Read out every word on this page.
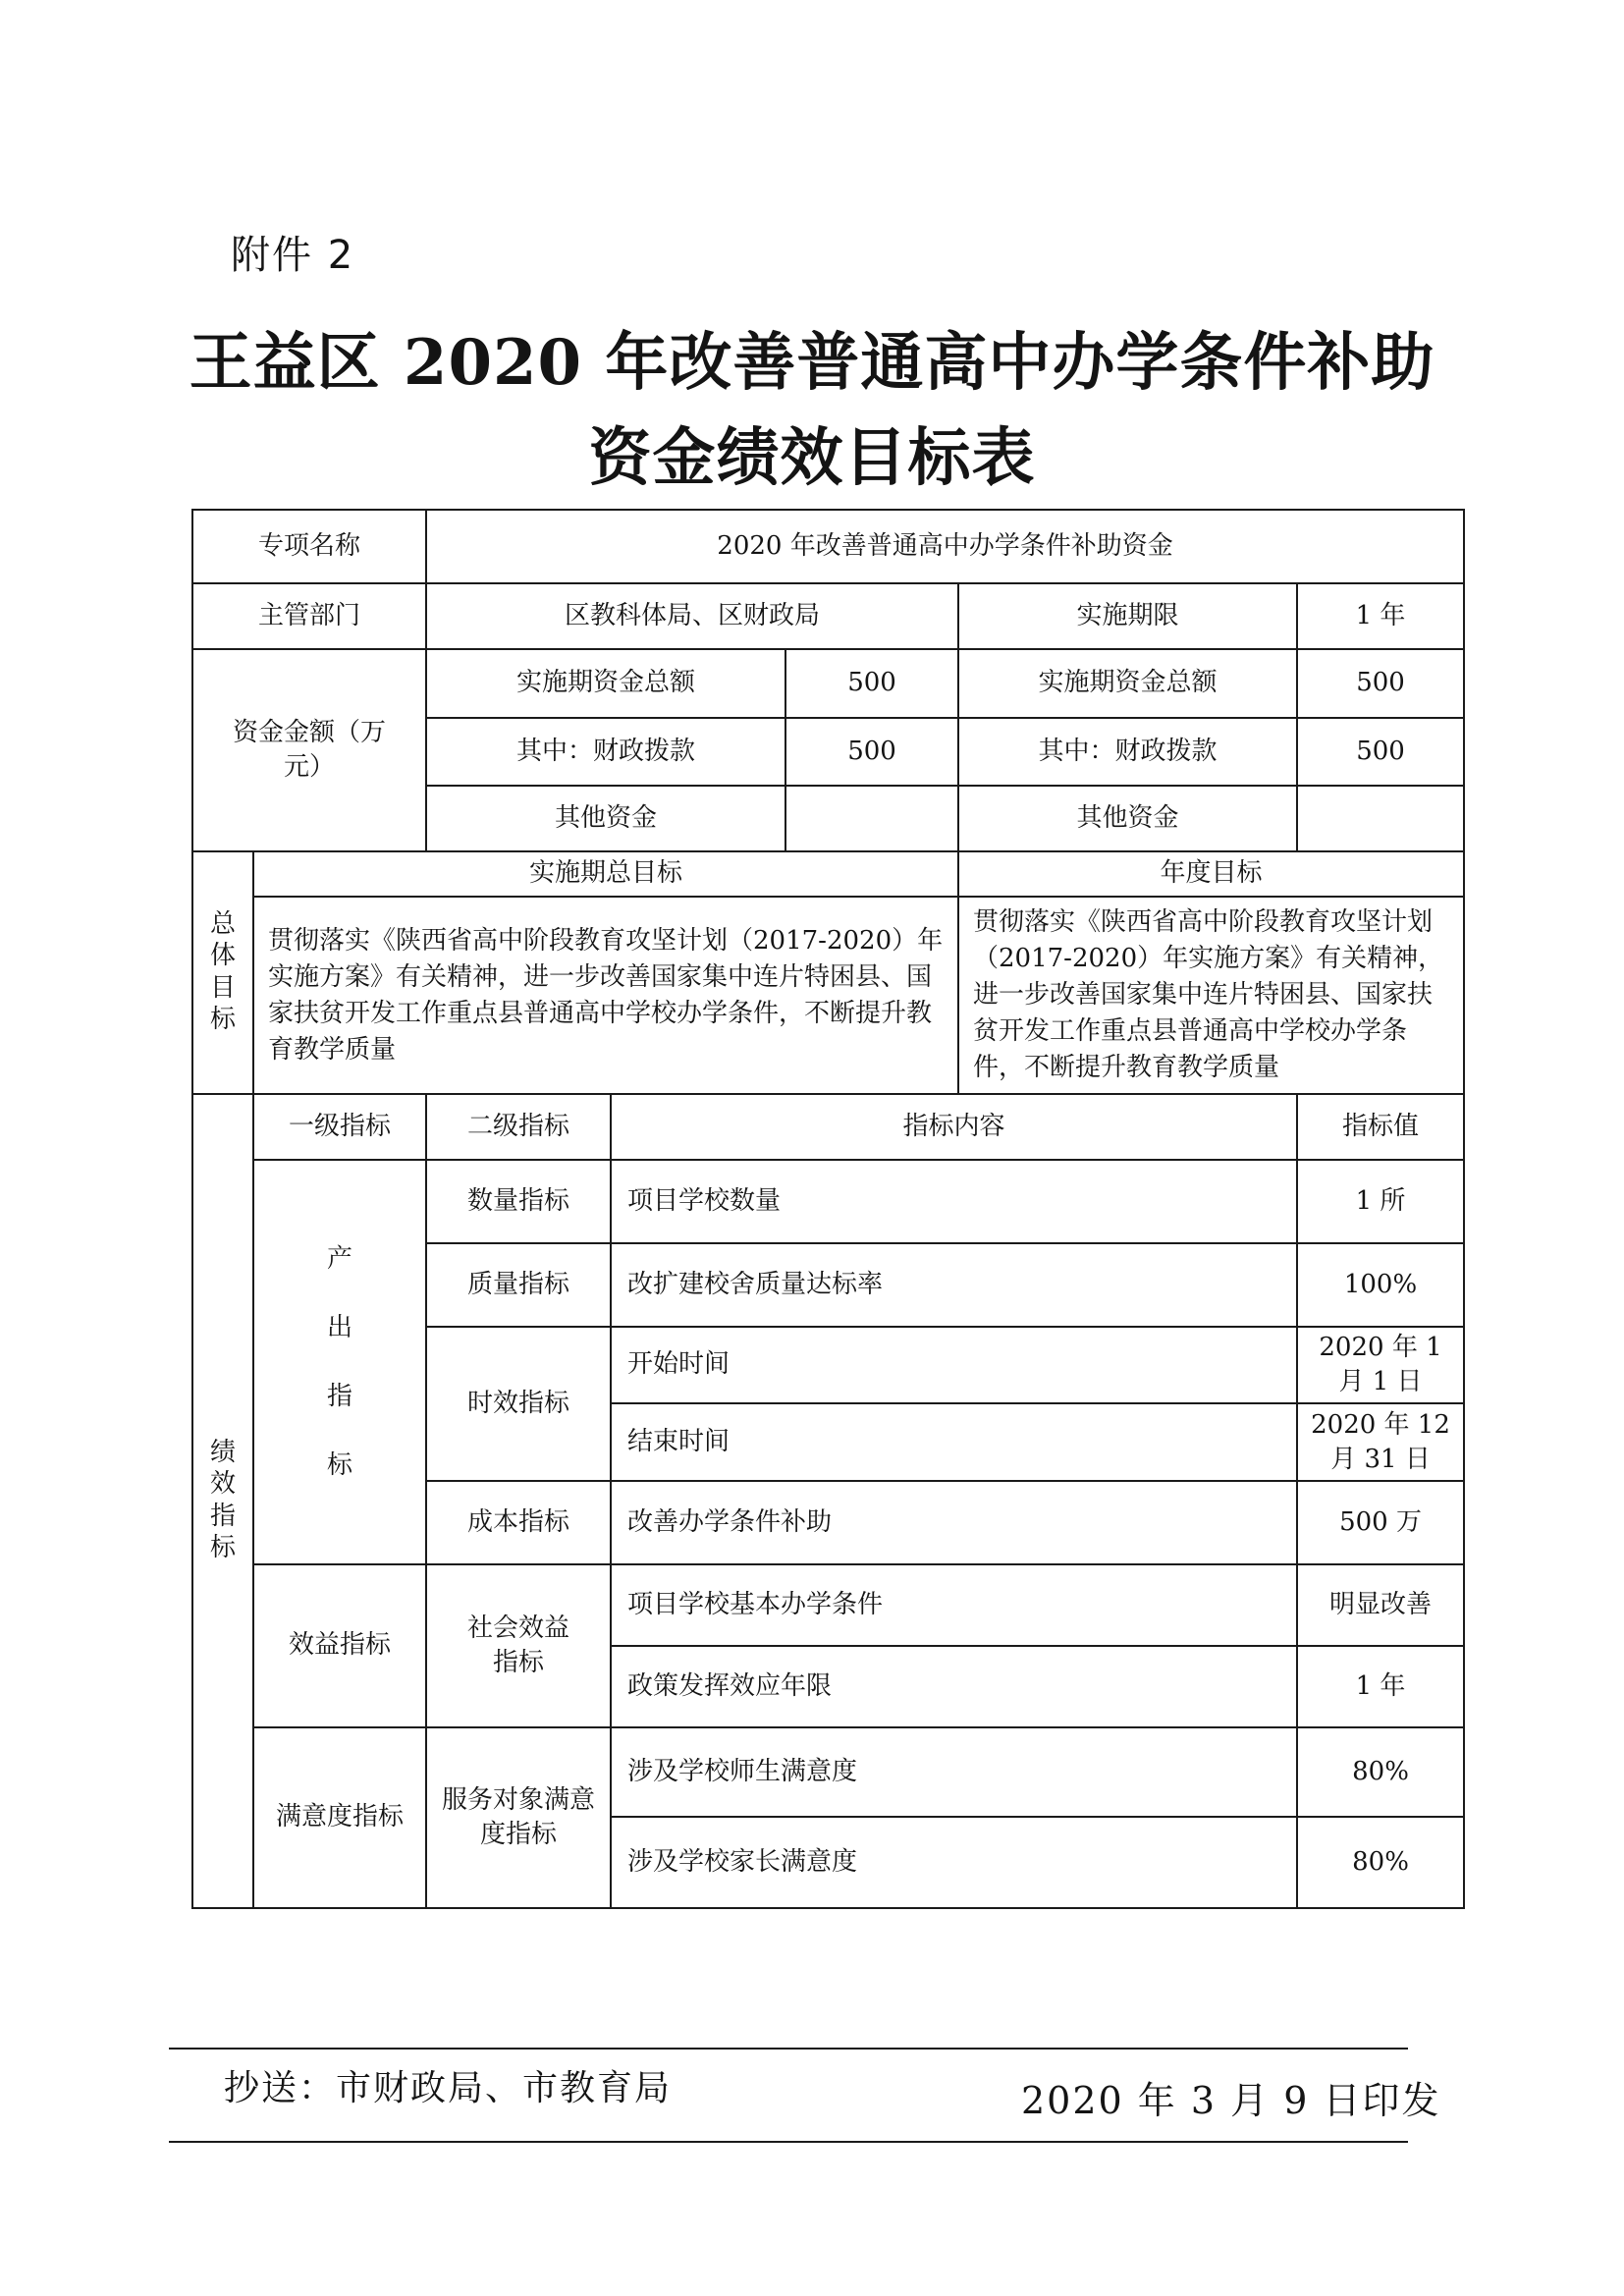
附件 2
王益区 2020 年改善普通高中办学条件补助
资金绩效目标表
专项名称		2020 年改善普通高中办学条件补助资金				
主管部门		区教科体局、区财政局			实施期限	1 年

资金金额（万元）		实施期资金总额		500	实施期资金总额	500
		其中：财政拨款		500	其中：财政拨款	500
		其他资金			其他资金	
总体目标	实施期总目标				年度目标	
	贯彻落实《陕西省高中阶段教育攻坚计划（2017-2020）年实施方案》有关精神，进一步改善国家集中连片特困县、国家扶贫开发工作重点县普通高中学校办学条件，不断提升教育教学质量				贯彻落实《陕西省高中阶段教育攻坚计划（2017-2020）年实施方案》有关精神，进一步改善国家集中连片特困县、国家扶贫开发工作重点县普通高中学校办学条件，不断提升教育教学质量	
绩效指标	一级指标	二级指标	指标内容			指标值
	产出指标	数量指标	项目学校数量			1 所
		质量指标	改扩建校舍质量达标率			100%
		时效指标	开始时间			2020 年 1 月 1 日
			结束时间			2020 年 12 月 31 日
		成本指标	改善办学条件补助			500 万
	效益指标	社会效益指标	项目学校基本办学条件			明显改善
			政策发挥效应年限			1 年
	满意度指标	服务对象满意度指标	涉及学校师生满意度			80%
			涉及学校家长满意度			80%
抄送：市财政局、市教育局	2020 年 3 月 9 日印发
